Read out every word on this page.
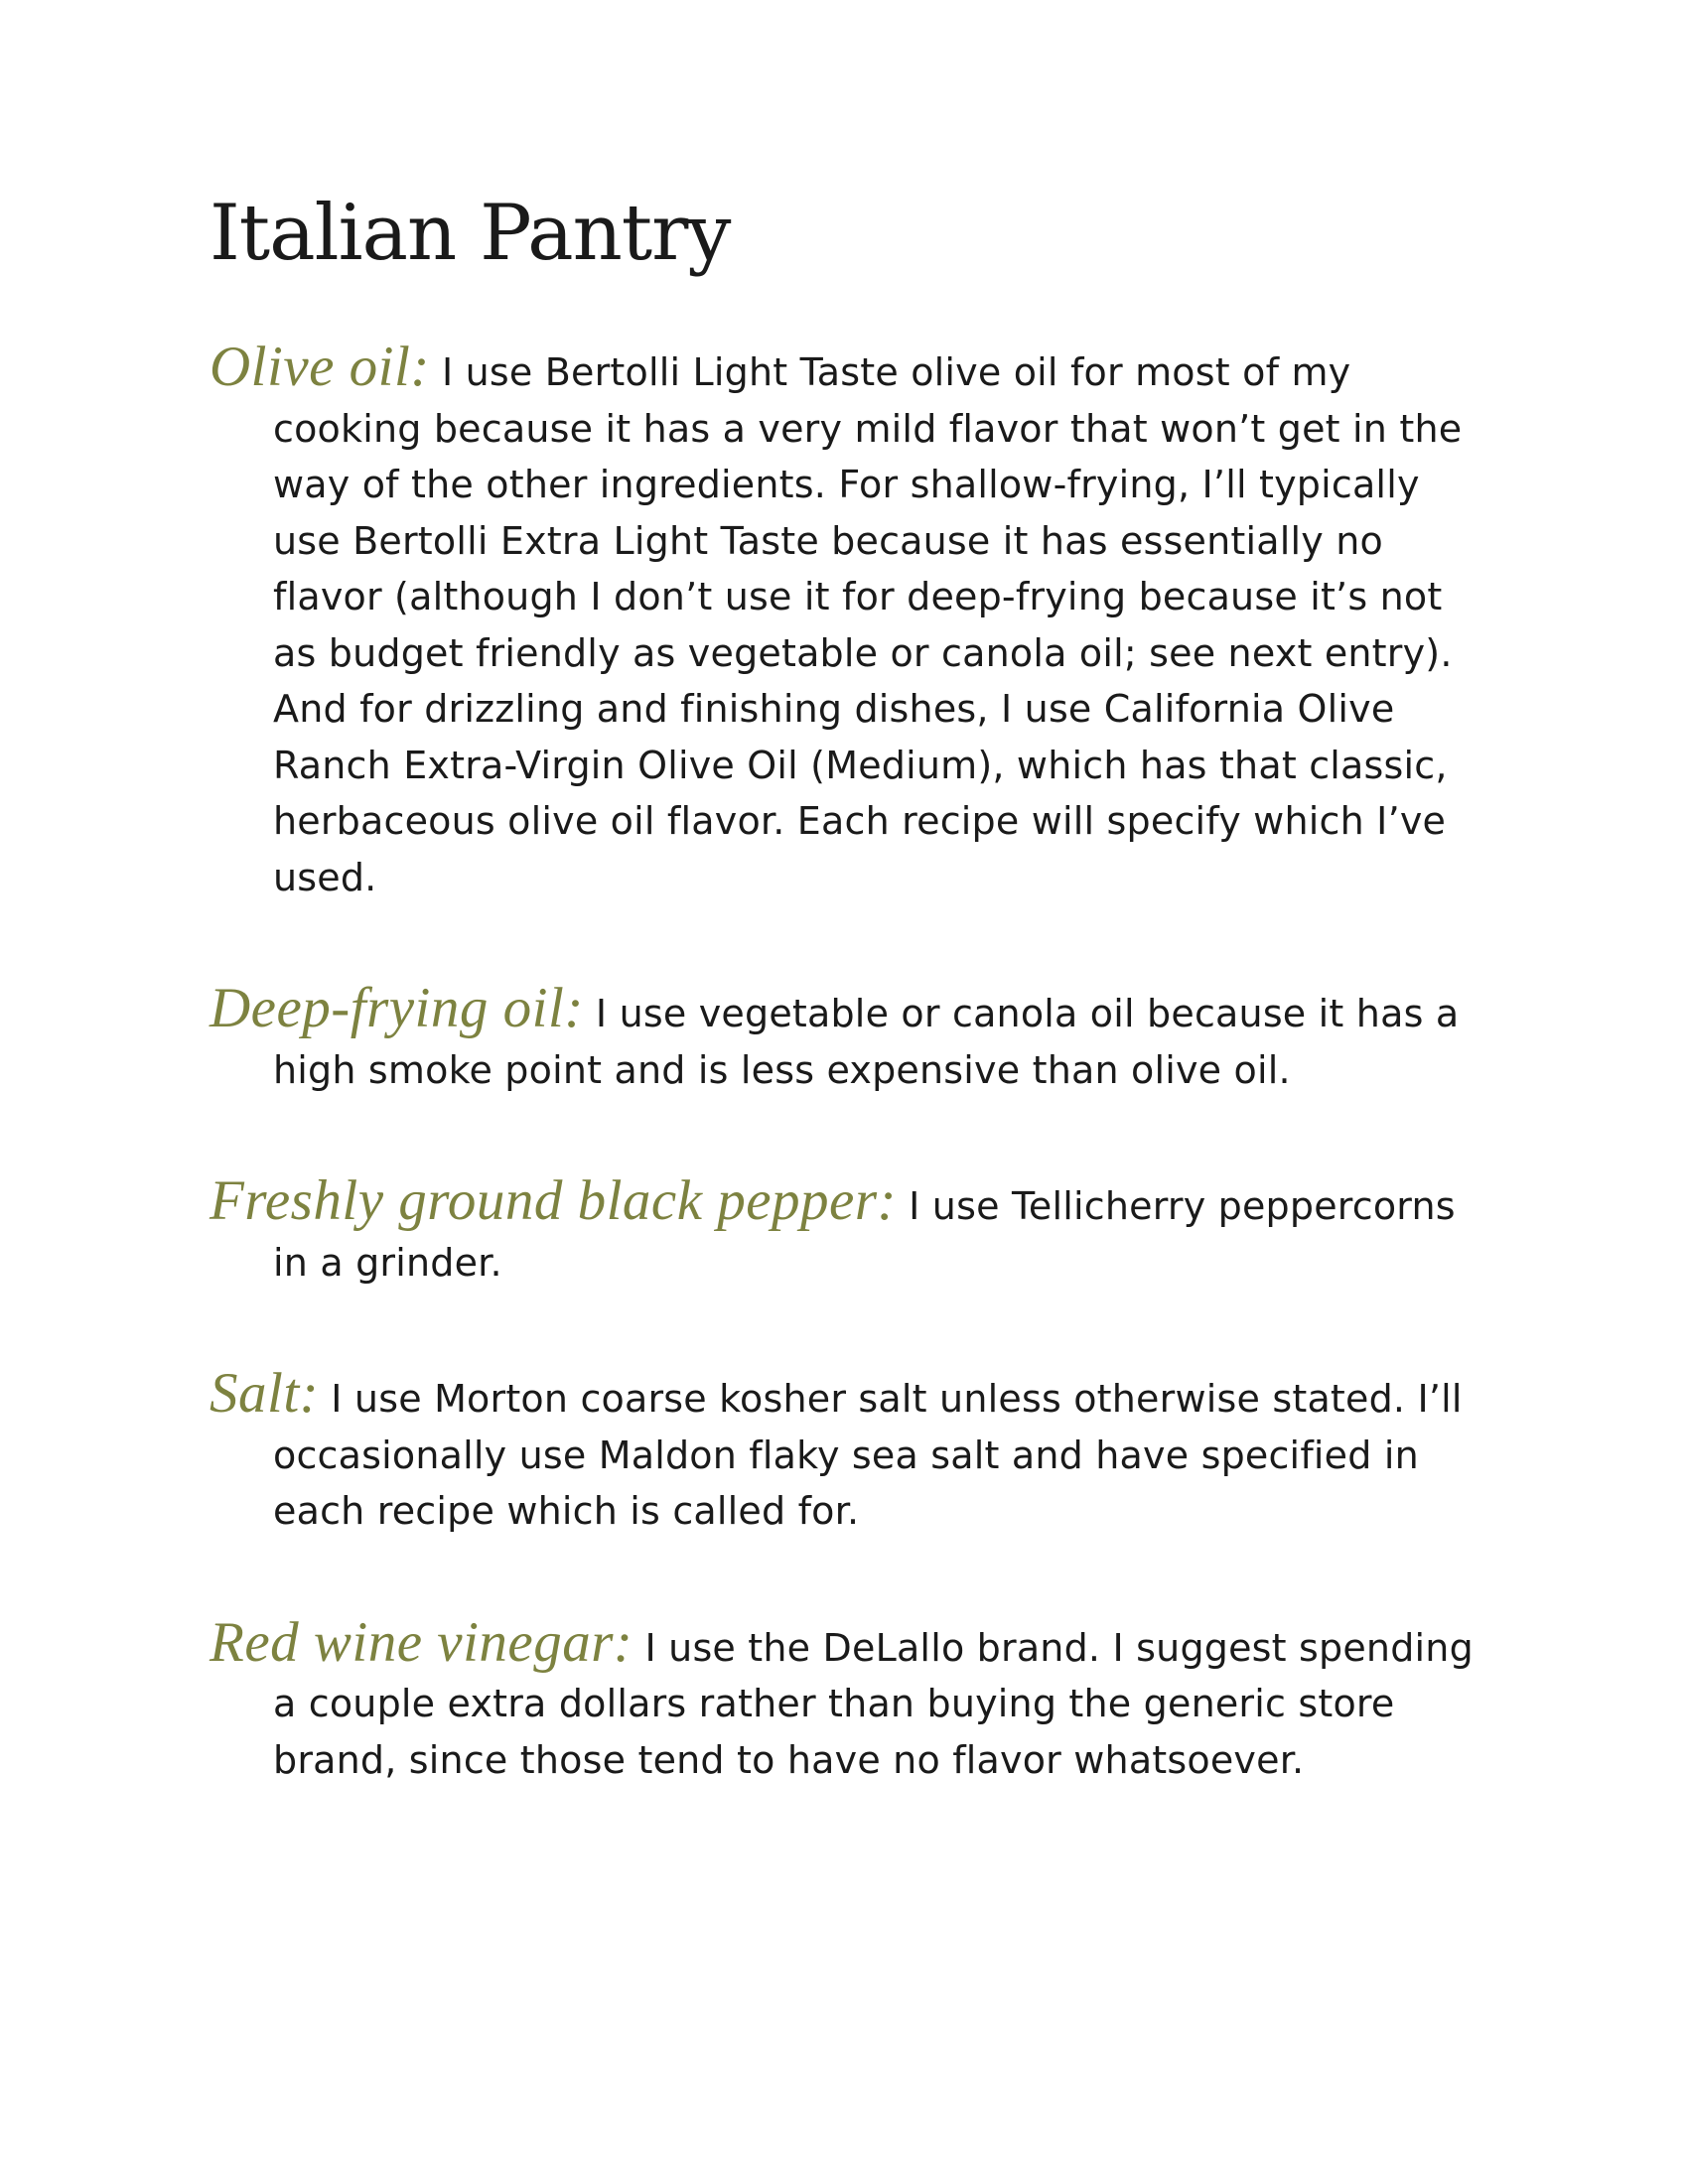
Italian Pantry

Olive oil: I use Bertolli Light Taste olive oil for most of my cooking because it has a very mild flavor that won’t get in the way of the other ingredients. For shallow-frying, I’ll typically use Bertolli Extra Light Taste because it has essentially no flavor (although I don’t use it for deep-frying because it’s not as budget friendly as vegetable or canola oil; see next entry). And for drizzling and finishing dishes, I use California Olive Ranch Extra-Virgin Olive Oil (Medium), which has that classic, herbaceous olive oil flavor. Each recipe will specify which I’ve used.

Deep-frying oil: I use vegetable or canola oil because it has a high smoke point and is less expensive than olive oil.

Freshly ground black pepper: I use Tellicherry peppercorns in a grinder.

Salt: I use Morton coarse kosher salt unless otherwise stated. I’ll occasionally use Maldon flaky sea salt and have specified in each recipe which is called for.

Red wine vinegar: I use the DeLallo brand. I suggest spending a couple extra dollars rather than buying the generic store brand, since those tend to have no flavor whatsoever.
